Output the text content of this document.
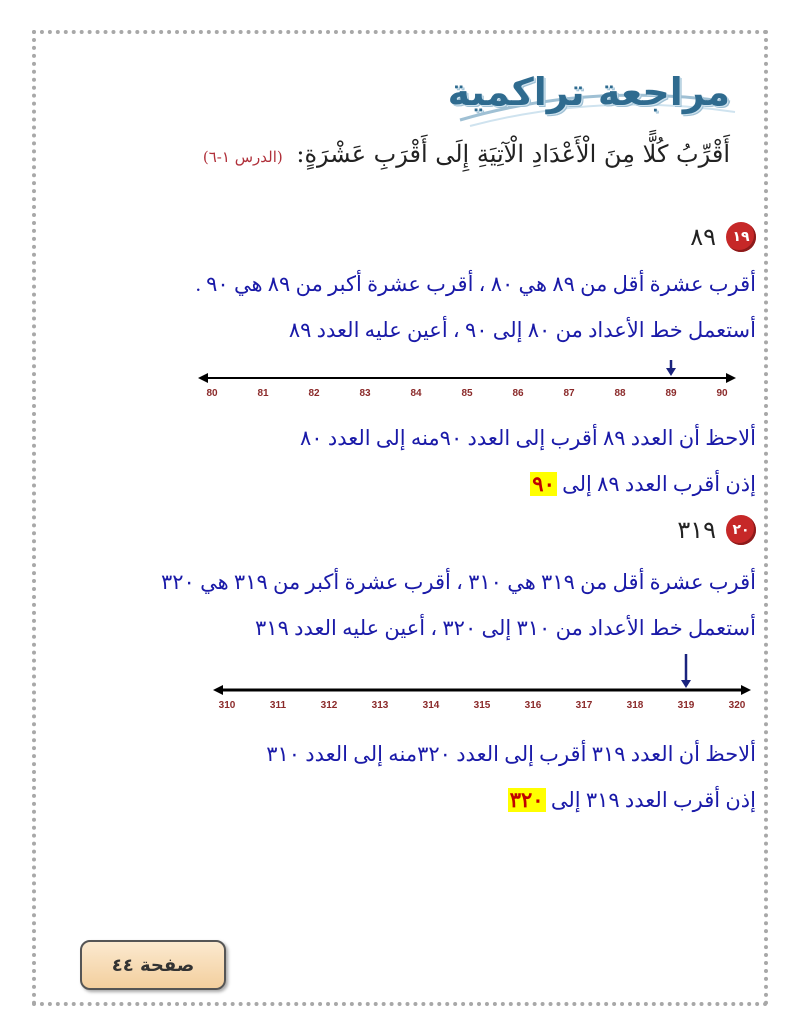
مراجعة تراكمية
أَقْرِّبُ كُلًّا مِنَ الْأَعْدَادِ الْآتِيَةِ إِلَى أَقْرَبِ عَشْرَةٍ: (الدرس ١-٦)
١٩
٨٩
أقرب عشرة أقل من ٨٩ هي ٨٠ ، أقرب عشرة أكبر من ٨٩ هي ٩٠ .
أستعمل خط الأعداد من ٨٠ إلى ٩٠ ، أعين عليه العدد ٨٩
80	81	82	83	84	85	86	87	88	89	90
ألاحظ أن العدد ٨٩ أقرب إلى العدد ٩٠منه إلى العدد ٨٠
إذن أقرب العدد ٨٩ إلى ٩٠
٢٠
٣١٩
أقرب عشرة أقل من ٣١٩ هي ٣١٠ ، أقرب عشرة أكبر من ٣١٩ هي ٣٢٠
أستعمل خط الأعداد من ٣١٠ إلى ٣٢٠ ، أعين عليه العدد ٣١٩
310	311	312	313	314	315	316	317	318	319	320
ألاحظ أن العدد ٣١٩ أقرب إلى العدد ٣٢٠منه إلى العدد ٣١٠
إذن أقرب العدد ٣١٩ إلى ٣٢٠
صفحة ٤٤
